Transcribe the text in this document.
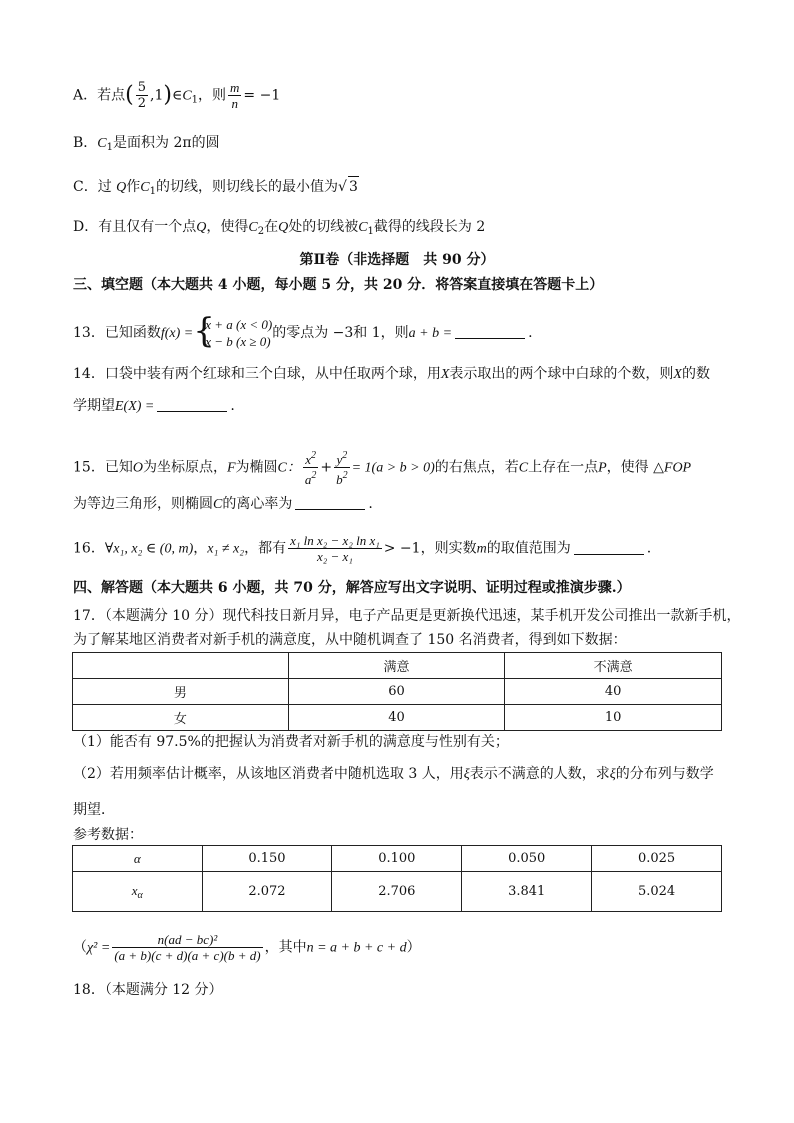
A．若点( $\frac{5}{2}$ $,1)\in C_1$，则 $\frac{m}{n} = -1$
B．$C_1$是面积为 2π的圆
C．过 Q作$C_1$的切线，则切线长的最小值为√ 3
D．有且仅有一个点Q，使得$C_2$在Q处的切线被$C_1$截得的线段长为 2
第Ⅱ卷（非选择题　共 90 分）
三、填空题（本大题共 4 小题，每小题 5 分，共 20 分．将答案直接填在答题卡上）
13．已知函数f(x) = {
x + a (x < 0)
x − b (x ≥ 0)
的零点为 −3和 1，则a + b =	.
14．口袋中装有两个红球和三个白球，从中任取两个球，用X表示取出的两个球中白球的个数，则X的数
学期望E(X) =	.
15．已知O为坐标原点，F为椭圆C： $\frac{x^2}{a^2} + \frac{y^2}{b^2} = 1(a > b > 0)$的右焦点，若C上存在一点P，使得 △FOP
为等边三角形，则椭圆C的离心率为	.
16．∀x₁, x₂ ∈ (0, m)，x₁ ≠ x₂，都有 $\frac{\text{x₁ ln x₂ − x₂ ln x₁}}{\text{x₂ − x₁}} > -1$，则实数m的取值范围为	.
四、解答题（本大题共 6 小题，共 70 分，解答应写出文字说明、证明过程或推演步骤.）
17．（本题满分 10 分）现代科技日新月异，电子产品更是更新换代迅速，某手机开发公司推出一款新手机，
为了解某地区消费者对新手机的满意度，从中随机调查了 150 名消费者，得到如下数据：
	满意	不满意
男	60	40
女	40	10
（1）能否有 97.5%的把握认为消费者对新手机的满意度与性别有关；
（2）若用频率估计概率，从该地区消费者中随机选取 3 人，用ξ表示不满意的人数，求ξ的分布列与数学
期望．
参考数据：
α	0.150	0.100	0.050	0.025
$x_\alpha$	2.072	2.706	3.841	5.024
（$\chi^2 = \frac{\text{n(ad − bc)²}}{(a + b)(c + d)(a + c)(b + d)}$ ，其中n = a + b + c + d）
18．（本题满分 12 分）
